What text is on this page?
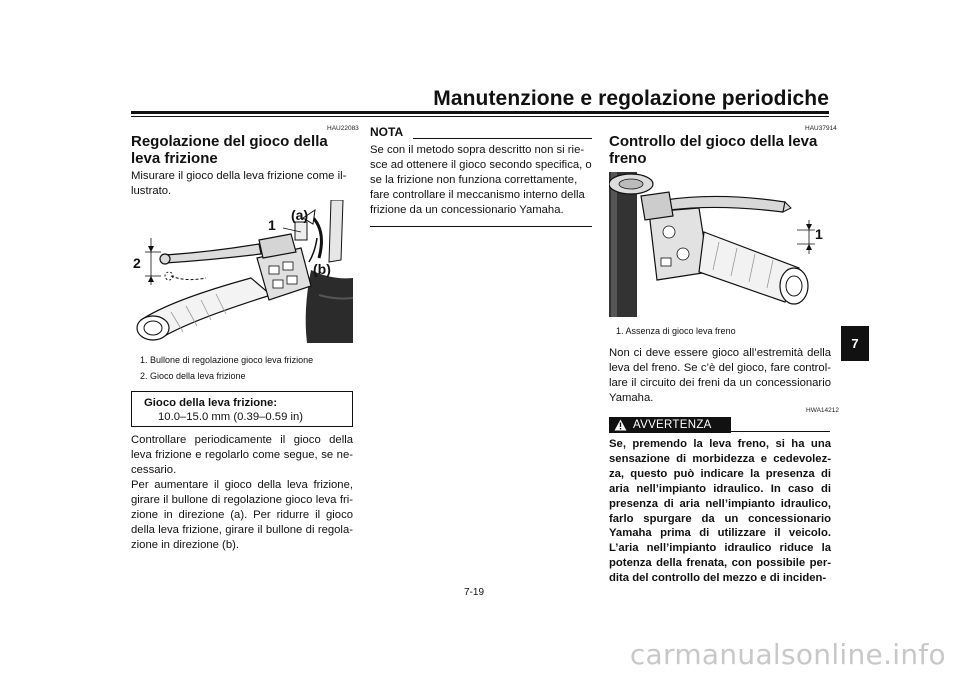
Manutenzione e regolazione periodiche
7
HAU22083
Regolazione del gioco della leva frizione
Misurare il gioco della leva frizione come il-lustrato.
1
2
(a)
(b)
1. Bullone di regolazione gioco leva frizione
2. Gioco della leva frizione
Gioco della leva frizione:
10.0–15.0 mm (0.39–0.59 in)
Controllare periodicamente il gioco della leva frizione e regolarlo come segue, se ne-cessario.
Per aumentare il gioco della leva frizione, girare il bullone di regolazione gioco leva fri-zione in direzione (a). Per ridurre il gioco della leva frizione, girare il bullone di regola-zione in direzione (b).
NOTA
Se con il metodo sopra descritto non si rie-sce ad ottenere il gioco secondo specifica, o se la frizione non funziona correttamente, fare controllare il meccanismo interno della frizione da un concessionario Yamaha.
HAU37914
Controllo del gioco della leva freno
1
1. Assenza di gioco leva freno
Non ci deve essere gioco all’estremità della leva del freno. Se c’è del gioco, fare control-lare il circuito dei freni da un concessionario Yamaha.
HWA14212
AVVERTENZA
Se, premendo la leva freno, si ha una sensazione di morbidezza e cedevolez-za, questo può indicare la presenza di aria nell’impianto idraulico. In caso di presenza di aria nell’impianto idraulico, farlo spurgare da un concessionario Yamaha prima di utilizzare il veicolo. L’aria nell’impianto idraulico riduce la potenza della frenata, con possibile per-dita del controllo del mezzo e di inciden-
7-19
carmanualsonline.info
